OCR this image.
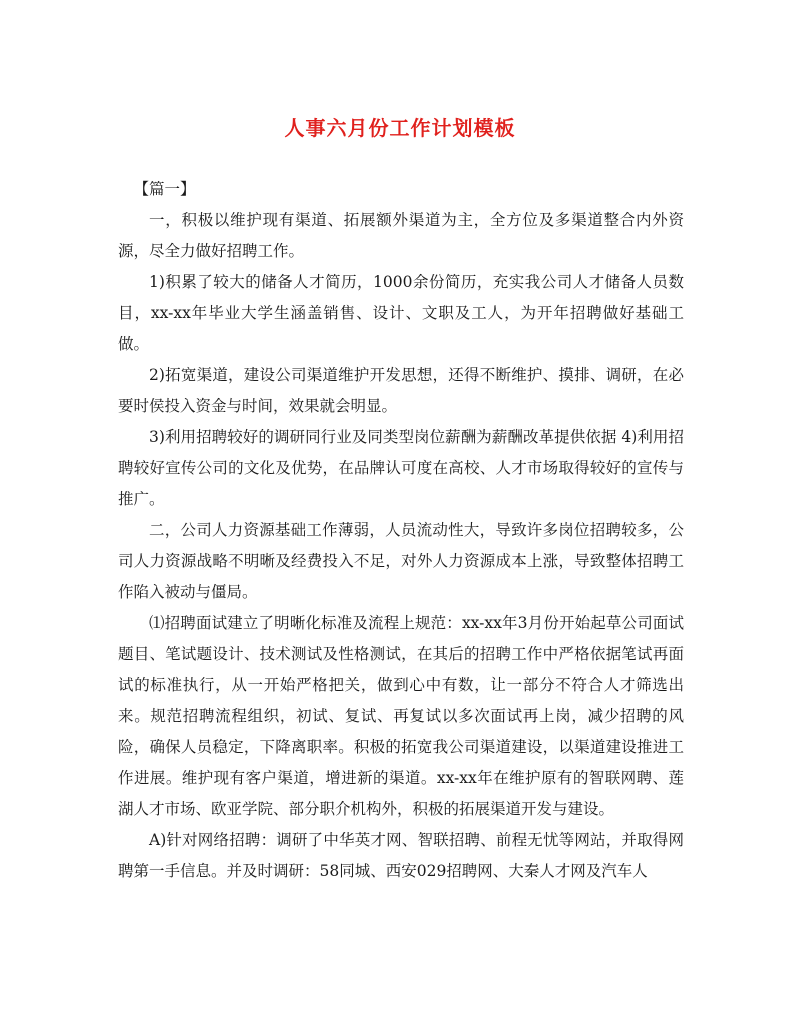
人事六月份工作计划模板

【篇一】

一，积极以维护现有渠道、拓展额外渠道为主，全方位及多渠道整合内外资源，尽全力做好招聘工作。

1)积累了较大的储备人才简历，1000余份简历，充实我公司人才储备人员数目，xx-xx年毕业大学生涵盖销售、设计、文职及工人，为开年招聘做好基础工做。

2)拓宽渠道，建设公司渠道维护开发思想，还得不断维护、摸排、调研，在必要时侯投入资金与时间，效果就会明显。

3)利用招聘较好的调研同行业及同类型岗位薪酬为薪酬改革提供依据 4)利用招聘较好宣传公司的文化及优势，在品牌认可度在高校、人才市场取得较好的宣传与推广。

二，公司人力资源基础工作薄弱，人员流动性大，导致许多岗位招聘较多，公司人力资源战略不明晰及经费投入不足，对外人力资源成本上涨，导致整体招聘工作陷入被动与僵局。

⑴招聘面试建立了明晰化标准及流程上规范：xx-xx年3月份开始起草公司面试题目、笔试题设计、技术测试及性格测试，在其后的招聘工作中严格依据笔试再面试的标准执行，从一开始严格把关，做到心中有数，让一部分不符合人才筛选出来。规范招聘流程组织，初试、复试、再复试以多次面试再上岗，减少招聘的风险，确保人员稳定，下降离职率。积极的拓宽我公司渠道建设，以渠道建设推进工作进展。维护现有客户渠道，增进新的渠道。xx-xx年在维护原有的智联网聘、莲湖人才市场、欧亚学院、部分职介机构外，积极的拓展渠道开发与建设。

A)针对网络招聘：调研了中华英才网、智联招聘、前程无忧等网站，并取得网聘第一手信息。并及时调研：58同城、西安029招聘网、大秦人才网及汽车人
